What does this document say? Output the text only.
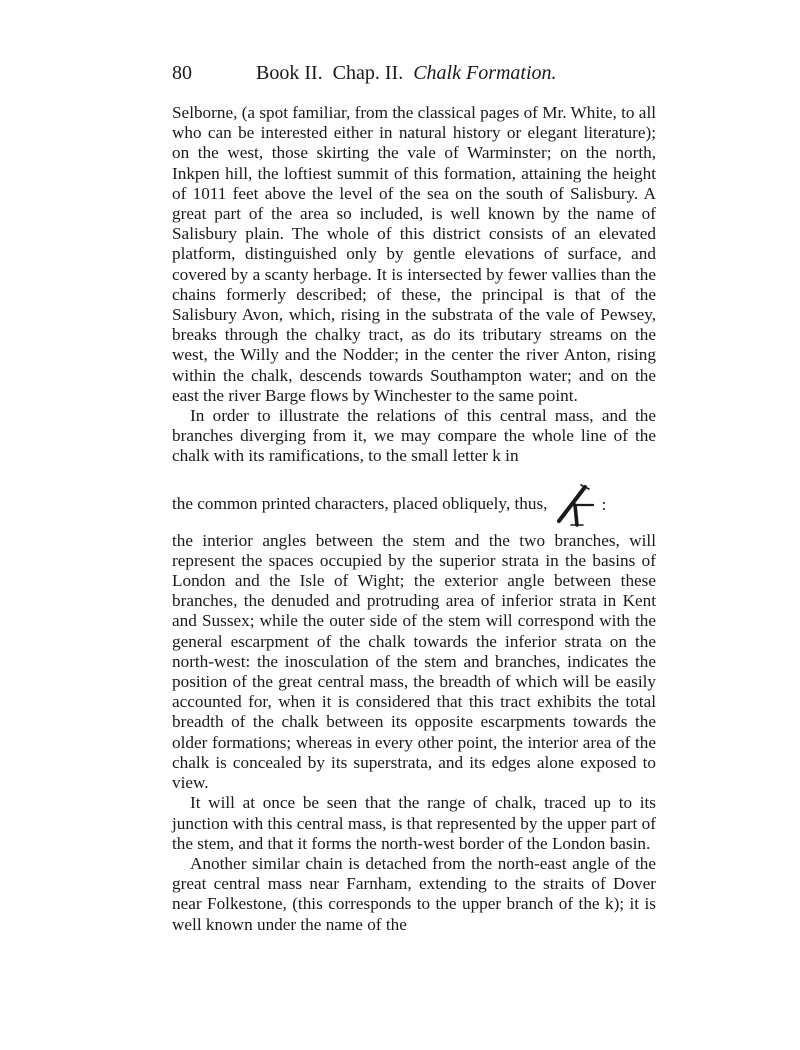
80	Book II. Chap. II. Chalk Formation.

Selborne, (a spot familiar, from the classical pages of Mr. White, to all who can be interested either in natural history or elegant literature); on the west, those skirting the vale of Warminster; on the north, Inkpen hill, the loftiest summit of this formation, attaining the height of 1011 feet above the level of the sea on the south of Salisbury. A great part of the area so included, is well known by the name of Salisbury plain. The whole of this district consists of an elevated platform, distinguished only by gentle elevations of surface, and covered by a scanty herbage. It is intersected by fewer vallies than the chains formerly described; of these, the principal is that of the Salisbury Avon, which, rising in the substrata of the vale of Pewsey, breaks through the chalky tract, as do its tributary streams on the west, the Willy and the Nodder; in the center the river Anton, rising within the chalk, descends towards Southampton water; and on the east the river Barge flows by Winchester to the same point.

In order to illustrate the relations of this central mass, and the branches diverging from it, we may compare the whole line of the chalk with its ramifications, to the small letter k in

the common printed characters, placed obliquely, thus,	:

the interior angles between the stem and the two branches, will represent the spaces occupied by the superior strata in the basins of London and the Isle of Wight; the exterior angle between these branches, the denuded and protruding area of inferior strata in Kent and Sussex; while the outer side of the stem will correspond with the general escarpment of the chalk towards the inferior strata on the north-west: the inosculation of the stem and branches, indicates the position of the great central mass, the breadth of which will be easily accounted for, when it is considered that this tract exhibits the total breadth of the chalk between its opposite escarpments towards the older formations; whereas in every other point, the interior area of the chalk is concealed by its superstrata, and its edges alone exposed to view.

It will at once be seen that the range of chalk, traced up to its junction with this central mass, is that represented by the upper part of the stem, and that it forms the north-west border of the London basin.

Another similar chain is detached from the north-east angle of the great central mass near Farnham, extending to the straits of Dover near Folkestone, (this corresponds to the upper branch of the k); it is well known under the name of the
